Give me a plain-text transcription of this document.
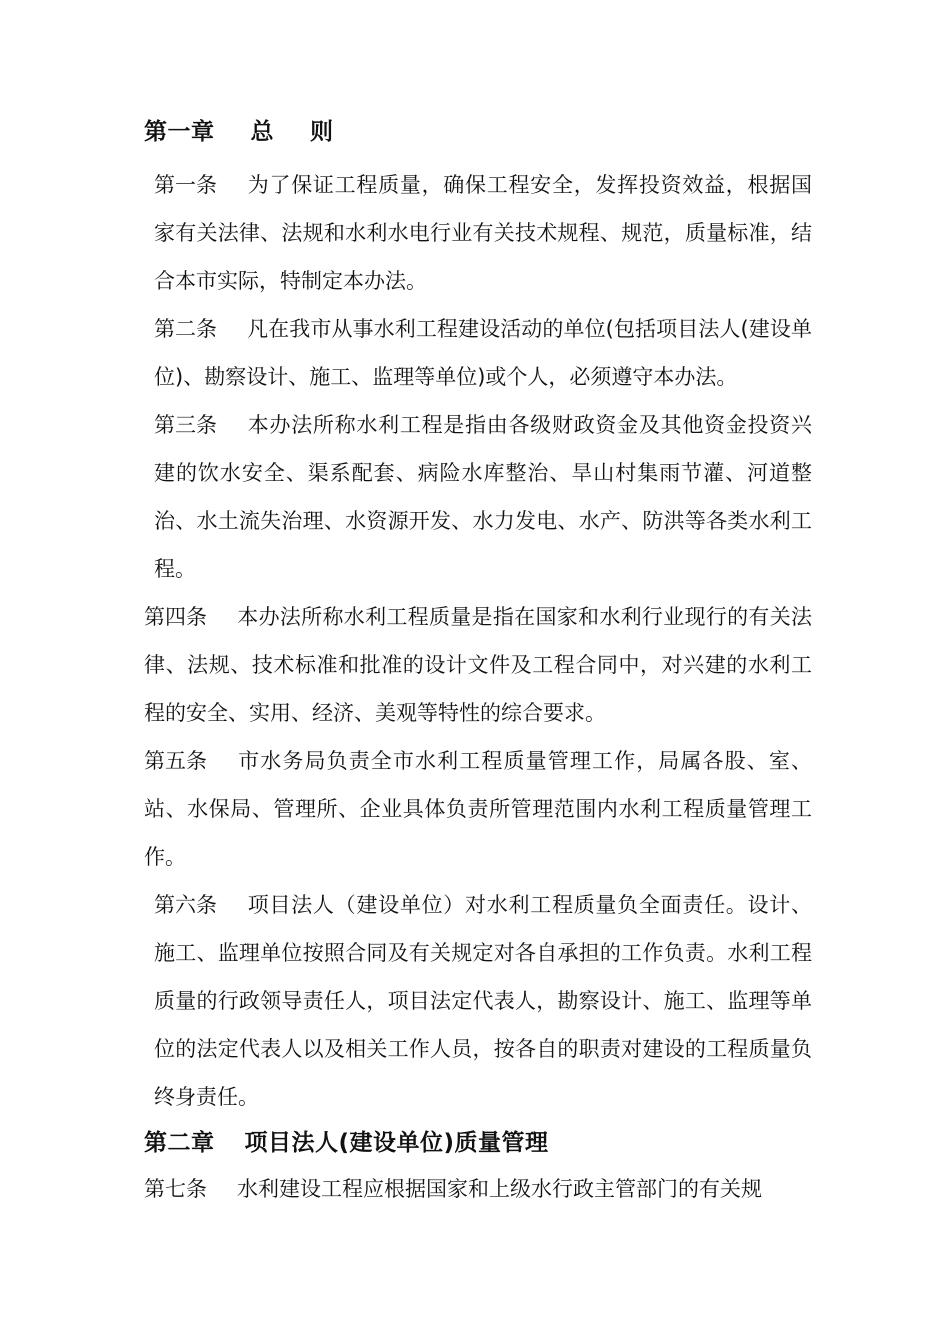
第一章 总 则

第一条 为了保证工程质量，确保工程安全，发挥投资效益，根据国家有关法律、法规和水利水电行业有关技术规程、规范，质量标准，结合本市实际，特制定本办法。

第二条 凡在我市从事水利工程建设活动的单位(包括项目法人(建设单位)、勘察设计、施工、监理等单位)或个人，必须遵守本办法。

第三条 本办法所称水利工程是指由各级财政资金及其他资金投资兴建的饮水安全、渠系配套、病险水库整治、旱山村集雨节灌、河道整治、水土流失治理、水资源开发、水力发电、水产、防洪等各类水利工程。

第四条 本办法所称水利工程质量是指在国家和水利行业现行的有关法律、法规、技术标准和批准的设计文件及工程合同中，对兴建的水利工程的安全、实用、经济、美观等特性的综合要求。

第五条 市水务局负责全市水利工程质量管理工作，局属各股、室、站、水保局、管理所、企业具体负责所管理范围内水利工程质量管理工作。

第六条 项目法人（建设单位）对水利工程质量负全面责任。设计、施工、监理单位按照合同及有关规定对各自承担的工作负责。水利工程质量的行政领导责任人，项目法定代表人，勘察设计、施工、监理等单位的法定代表人以及相关工作人员，按各自的职责对建设的工程质量负终身责任。

第二章 项目法人(建设单位)质量管理

第七条 水利建设工程应根据国家和上级水行政主管部门的有关规
